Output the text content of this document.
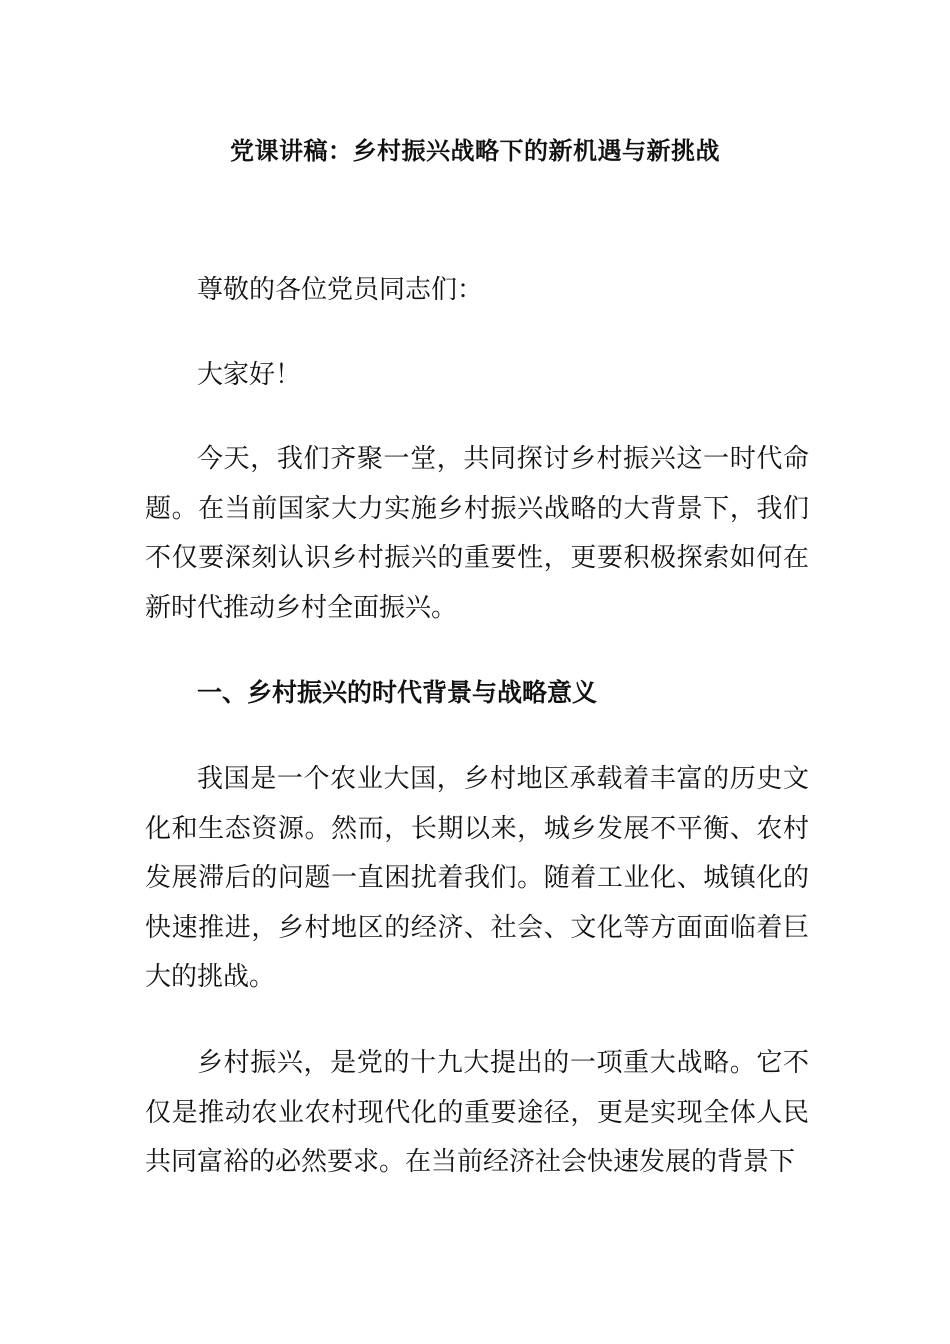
党课讲稿：乡村振兴战略下的新机遇与新挑战

尊敬的各位党员同志们：

大家好！

今天，我们齐聚一堂，共同探讨乡村振兴这一时代命题。在当前国家大力实施乡村振兴战略的大背景下，我们不仅要深刻认识乡村振兴的重要性，更要积极探索如何在新时代推动乡村全面振兴。

一、乡村振兴的时代背景与战略意义

我国是一个农业大国，乡村地区承载着丰富的历史文化和生态资源。然而，长期以来，城乡发展不平衡、农村发展滞后的问题一直困扰着我们。随着工业化、城镇化的快速推进，乡村地区的经济、社会、文化等方面面临着巨大的挑战。

乡村振兴，是党的十九大提出的一项重大战略。它不仅是推动农业农村现代化的重要途径，更是实现全体人民共同富裕的必然要求。在当前经济社会快速发展的背景下
